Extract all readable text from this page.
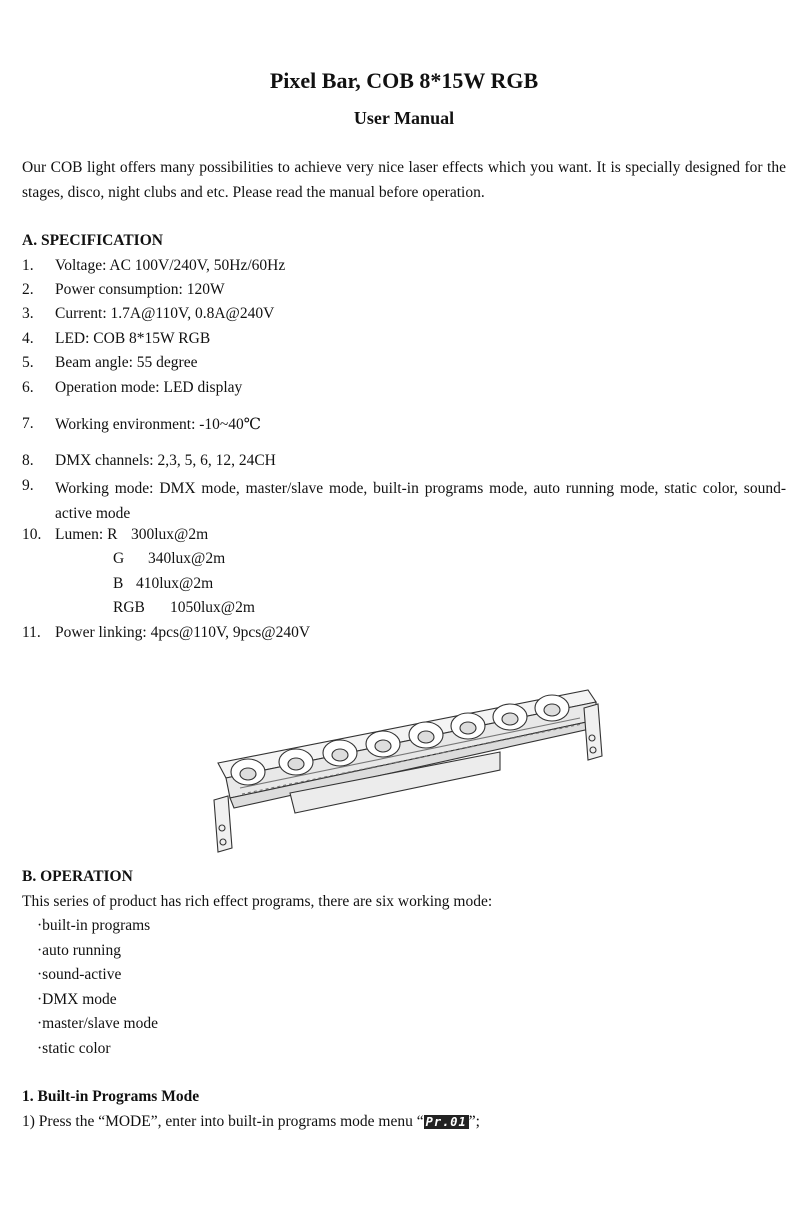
Pixel Bar, COB 8*15W RGB
User Manual
Our COB light offers many possibilities to achieve very nice laser effects which you want. It is specially designed for the stages, disco, night clubs and etc. Please read the manual before operation.
A. SPECIFICATION
1. Voltage: AC 100V/240V, 50Hz/60Hz
2. Power consumption: 120W
3. Current: 1.7A@110V, 0.8A@240V
4. LED: COB 8*15W RGB
5. Beam angle: 55 degree
6. Operation mode: LED display
7. Working environment: -10~40℃
8. DMX channels: 2,3, 5, 6, 12, 24CH
9. Working mode: DMX mode, master/slave mode, built-in programs mode, auto running mode, static color, sound-active mode
10. Lumen: R 300lux@2m
G 340lux@2m
B 410lux@2m
RGB 1050lux@2m
11. Power linking: 4pcs@110V, 9pcs@240V
B. OPERATION
This series of product has rich effect programs, there are six working mode:
·built-in programs
·auto running
·sound-active
·DMX mode
·master/slave mode
·static color
1. Built-in Programs Mode
1) Press the “MODE”, enter into built-in programs mode menu “ Pr.01 ”;
